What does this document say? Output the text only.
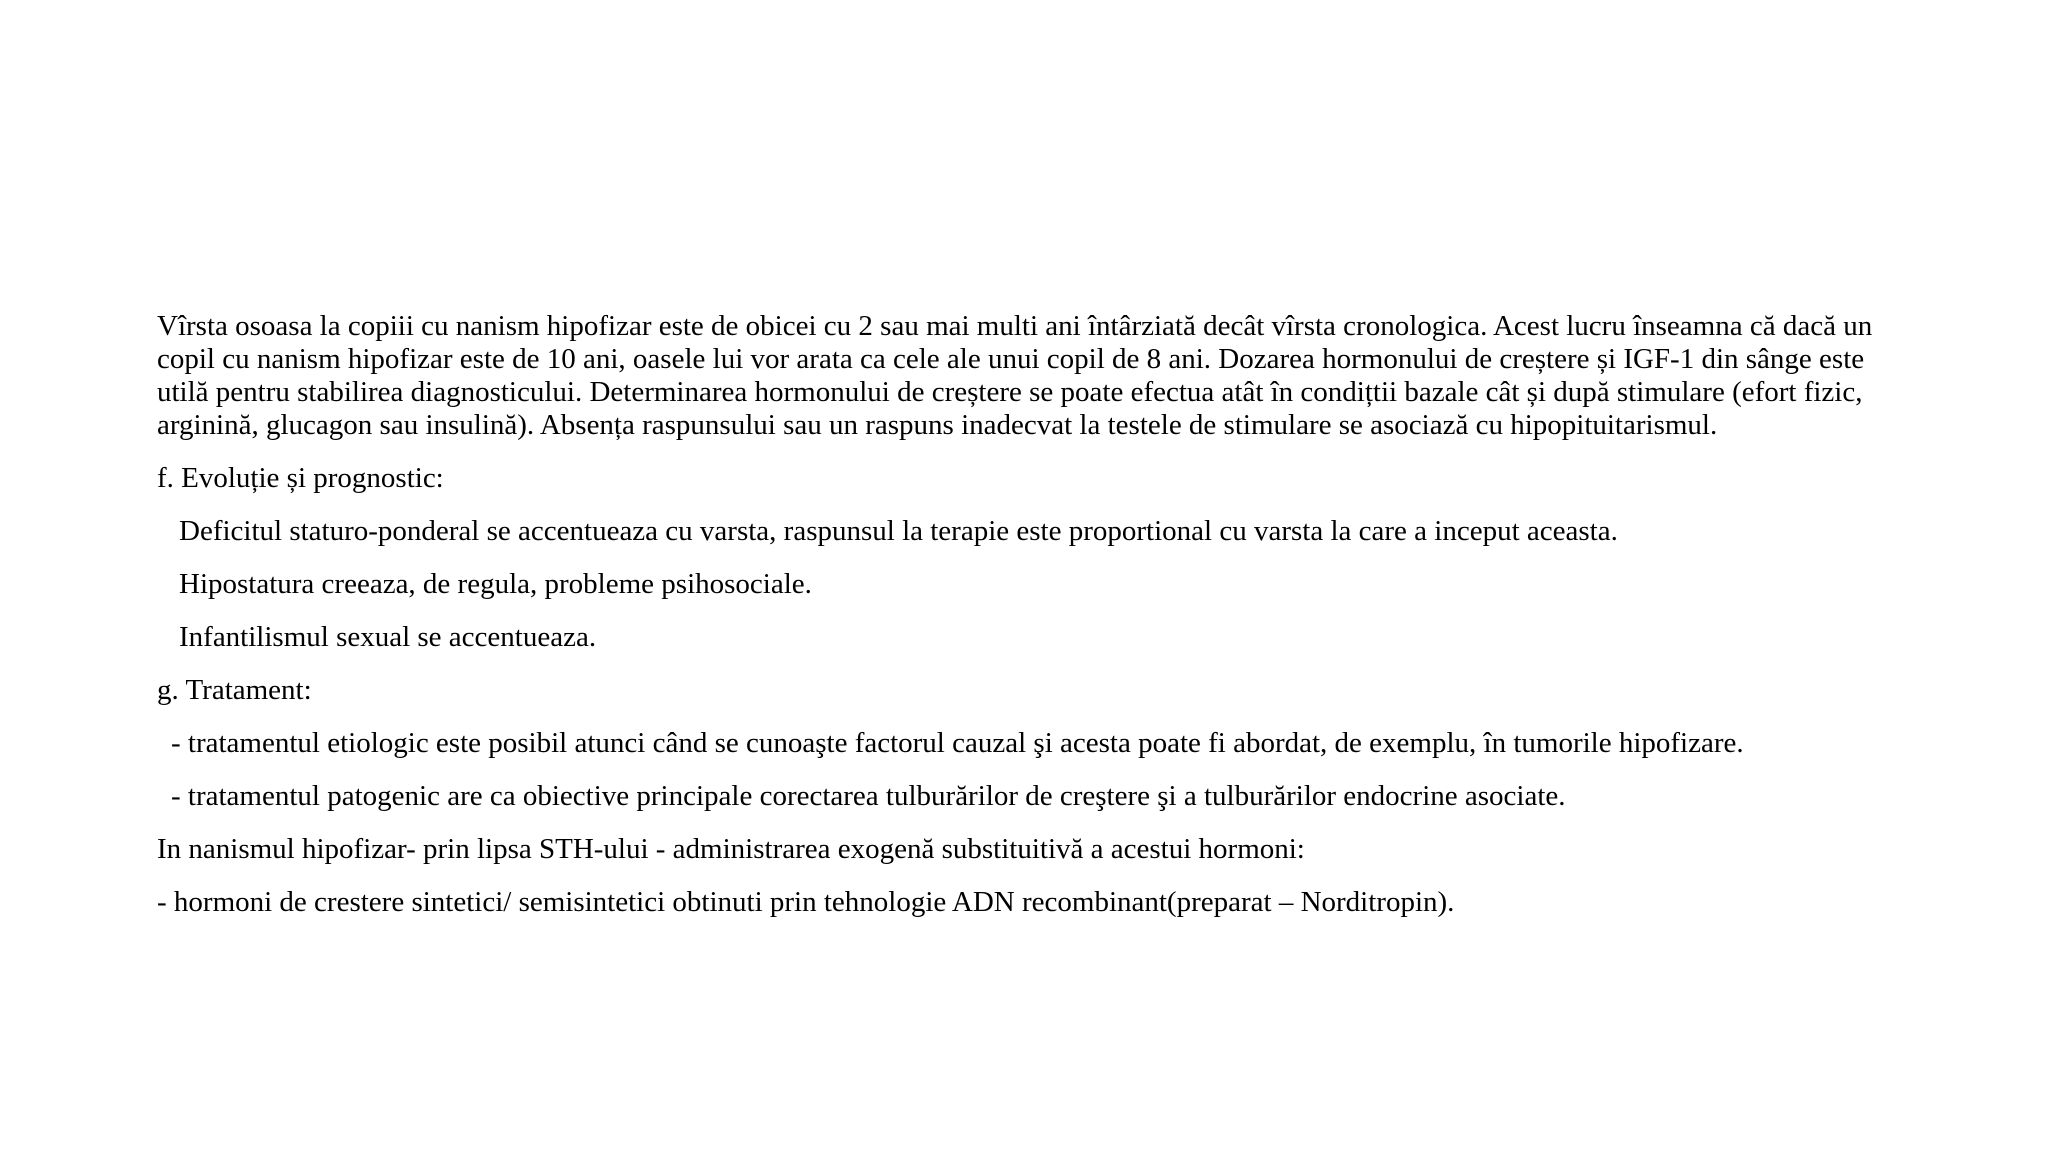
Vîrsta osoasa la copiii cu nanism hipofizar este de obicei cu 2 sau mai multi ani întârziată decât vîrsta cronologica. Acest lucru înseamna că dacă un copil cu nanism hipofizar este de 10 ani, oasele lui vor arata ca cele ale unui copil de 8 ani. Dozarea hormonului de creștere și IGF-1 din sânge este utilă pentru stabilirea diagnosticului. Determinarea hormonului de creștere se poate efectua atât în condițtii bazale cât și după stimulare (efort fizic, arginină, glucagon sau insulină). Absența raspunsului sau un raspuns inadecvat la testele de stimulare se asociază cu hipopituitarismul.

f. Evoluție și prognostic:

Deficitul staturo-ponderal se accentueaza cu varsta, raspunsul la terapie este proportional cu varsta la care a inceput aceasta.

Hipostatura creeaza, de regula, probleme psihosociale.

Infantilismul sexual se accentueaza.

g. Tratament:

- tratamentul etiologic este posibil atunci când se cunoaşte factorul cauzal şi acesta poate fi abordat, de exemplu, în tumorile hipofizare.

- tratamentul patogenic are ca obiective principale corectarea tulburărilor de creştere şi a tulburărilor endocrine asociate.

In nanismul hipofizar- prin lipsa STH-ului - administrarea exogenă substituitivă a acestui hormoni:

- hormoni de crestere sintetici/ semisintetici obtinuti prin tehnologie ADN recombinant(preparat – Norditropin).
